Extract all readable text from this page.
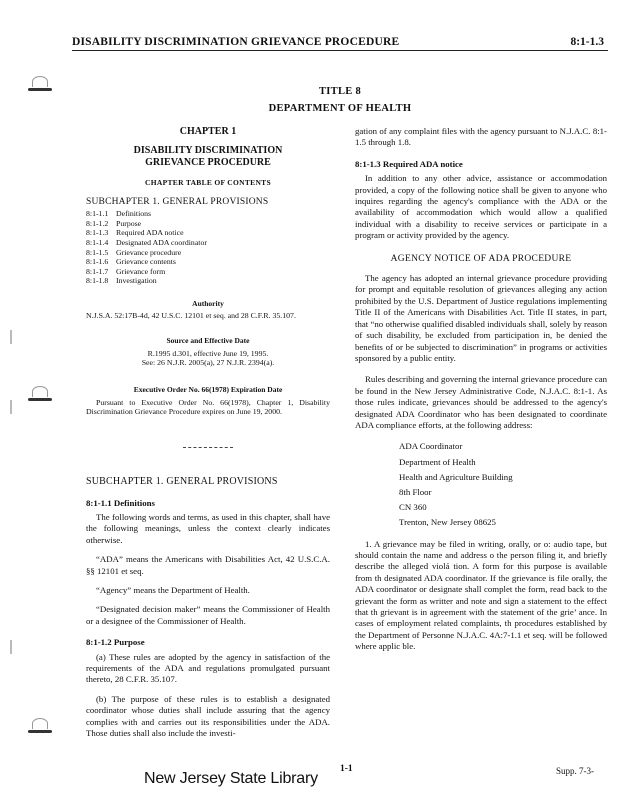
DISABILITY DISCRIMINATION GRIEVANCE PROCEDURE	8:1-1.3
TITLE 8
DEPARTMENT OF HEALTH
CHAPTER 1
DISABILITY DISCRIMINATION
GRIEVANCE PROCEDURE
CHAPTER TABLE OF CONTENTS
SUBCHAPTER 1. GENERAL PROVISIONS
8:1-1.1 Definitions
8:1-1.2 Purpose
8:1-1.3 Required ADA notice
8:1-1.4 Designated ADA coordinator
8:1-1.5 Grievance procedure
8:1-1.6 Grievance contents
8:1-1.7 Grievance form
8:1-1.8 Investigation
Authority
N.J.S.A. 52:17B-4d, 42 U.S.C. 12101 et seq. and 28 C.F.R. 35.107.
Source and Effective Date
R.1995 d.301, effective June 19, 1995.
See: 26 N.J.R. 2005(a), 27 N.J.R. 2394(a).
Executive Order No. 66(1978) Expiration Date
Pursuant to Executive Order No. 66(1978), Chapter 1, Disability Discrimination Grievance Procedure expires on June 19, 2000.
SUBCHAPTER 1. GENERAL PROVISIONS
8:1-1.1 Definitions

The following words and terms, as used in this chapter, shall have the following meanings, unless the context clearly indicates otherwise.

“ADA” means the Americans with Disabilities Act, 42 U.S.C.A. §§ 12101 et seq.

“Agency” means the Department of Health.

“Designated decision maker” means the Commissioner of Health or a designee of the Commissioner of Health.

8:1-1.2 Purpose

(a) These rules are adopted by the agency in satisfaction of the requirements of the ADA and regulations promulgated pursuant thereto, 28 C.F.R. 35.107.

(b) The purpose of these rules is to establish a designated coordinator whose duties shall include assuring that the agency complies with and carries out its responsibilities under the ADA. Those duties shall also include the investi-

gation of any complaint files with the agency pursuant to N.J.A.C. 8:1-1.5 through 1.8.

8:1-1.3 Required ADA notice

In addition to any other advice, assistance or accommodation provided, a copy of the following notice shall be given to anyone who inquires regarding the agency's compliance with the ADA or the availability of accommodation which would allow a qualified individual with a disability to receive services or participate in a program or activity provided by the agency.

AGENCY NOTICE OF ADA PROCEDURE

The agency has adopted an internal grievance procedure providing for prompt and equitable resolution of grievances alleging any action prohibited by the U.S. Department of Justice regulations implementing Title II of the Americans with Disabilities Act. Title II states, in part, that “no otherwise qualified disabled individuals shall, solely by reason of such disability, be excluded from participation in, be denied the benefits of or be subjected to discrimination” in programs or activities sponsored by a public entity.

Rules describing and governing the internal grievance procedure can be found in the New Jersey Administrative Code, N.J.A.C. 8:1-1. As those rules indicate, grievances should be addressed to the agency's designated ADA Coordinator who has been designated to coordinate ADA compliance efforts, at the following address:

ADA Coordinator
Department of Health
Health and Agriculture Building
8th Floor
CN 360
Trenton, New Jersey 08625

1. A grievance may be filed in writing, orally, or o: audio tape, but should contain the name and address o the person filing it, and briefly describe the alleged violá tion. A form for this purpose is available from th designated ADA coordinator. If the grievance is file orally, the ADA coordinator or designate shall complet the form, read back to the grievant the form as writter and note and sign a statement to the effect that th grievant is in agreement with the statement of the grie’ ance. In cases of employment related complaints, th procedures established by the Department of Personne N.J.A.C. 4A:7-1.1 et seq. will be followed where applic ble.

New Jersey State Library
1-1	Supp. 7-3-
